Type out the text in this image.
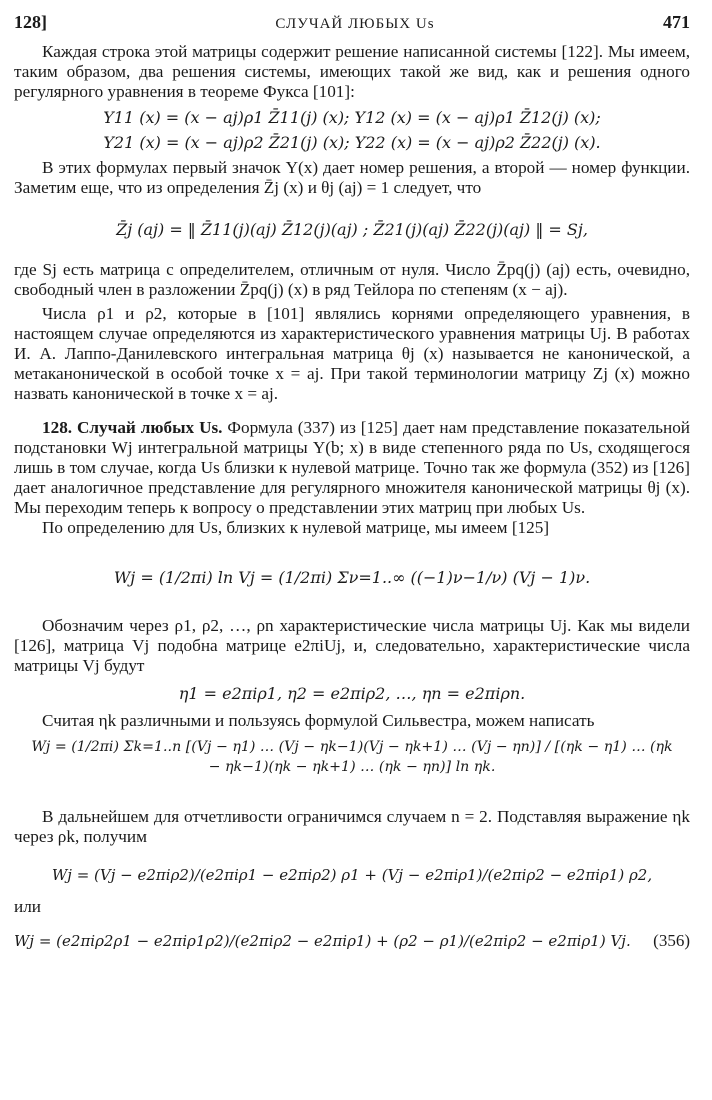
128]	СЛУЧАЙ ЛЮБЫХ Us	471

Каждая строка этой матрицы содержит решение написанной системы [122]. Мы имеем, таким образом, два решения системы, имеющих такой же вид, как и решения одного регулярного уравнения в теореме Фукса [101]:

Y11 (x) = (x − aj)ρ1 Z̄11(j) (x); Y12 (x) = (x − aj)ρ1 Z̄12(j) (x);
Y21 (x) = (x − aj)ρ2 Z̄21(j) (x); Y22 (x) = (x − aj)ρ2 Z̄22(j) (x).

В этих формулах первый значок Y(x) дает номер решения, а второй — номер функции. Заметим еще, что из определения Z̄j (x) и θj (aj) = 1 следует, что

Z̄j (aj) = ‖ Z̄11(j)(aj) Z̄12(j)(aj) ; Z̄21(j)(aj) Z̄22(j)(aj) ‖ = Sj,

где Sj есть матрица с определителем, отличным от нуля. Число Z̄pq(j) (aj) есть, очевидно, свободный член в разложении Z̄pq(j) (x) в ряд Тейлора по степеням (x − aj).

Числа ρ1 и ρ2, которые в [101] являлись корнями определяющего уравнения, в настоящем случае определяются из характеристического уравнения матрицы Uj. В работах И. А. Лаппо-Данилевского интегральная матрица θj (x) называется не канонической, а метаканонической в особой точке x = aj. При такой терминологии матрицу Zj (x) можно назвать канонической в точке x = aj.

128. Случай любых Us. Формула (337) из [125] дает нам представление показательной подстановки Wj интегральной матрицы Y(b; x) в виде степенного ряда по Us, сходящегося лишь в том случае, когда Us близки к нулевой матрице. Точно так же формула (352) из [126] дает аналогичное представление для регулярного множителя канонической матрицы θj (x). Мы переходим теперь к вопросу о представлении этих матриц при любых Us.

По определению для Us, близких к нулевой матрице, мы имеем [125]

Wj = (1/2πi) ln Vj = (1/2πi) Σν=1..∞ ((−1)ν−1/ν) (Vj − 1)ν.

Обозначим через ρ1, ρ2, …, ρn характеристические числа матрицы Uj. Как мы видели [126], матрица Vj подобна матрице e2πiUj, и, следовательно, характеристические числа матрицы Vj будут

η1 = e2πiρ1, η2 = e2πiρ2, …, ηn = e2πiρn.

Считая ηk различными и пользуясь формулой Сильвестра, можем написать

Wj = (1/2πi) Σk=1..n [(Vj − η1) … (Vj − ηk−1)(Vj − ηk+1) … (Vj − ηn)] / [(ηk − η1) … (ηk − ηk−1)(ηk − ηk+1) … (ηk − ηn)] ln ηk.

В дальнейшем для отчетливости ограничимся случаем n = 2. Подставляя выражение ηk через ρk, получим

Wj = (Vj − e2πiρ2)/(e2πiρ1 − e2πiρ2) ρ1 + (Vj − e2πiρ1)/(e2πiρ2 − e2πiρ1) ρ2,

или

Wj = (e2πiρ2ρ1 − e2πiρ1ρ2)/(e2πiρ2 − e2πiρ1) + (ρ2 − ρ1)/(e2πiρ2 − e2πiρ1) Vj.	(356)
